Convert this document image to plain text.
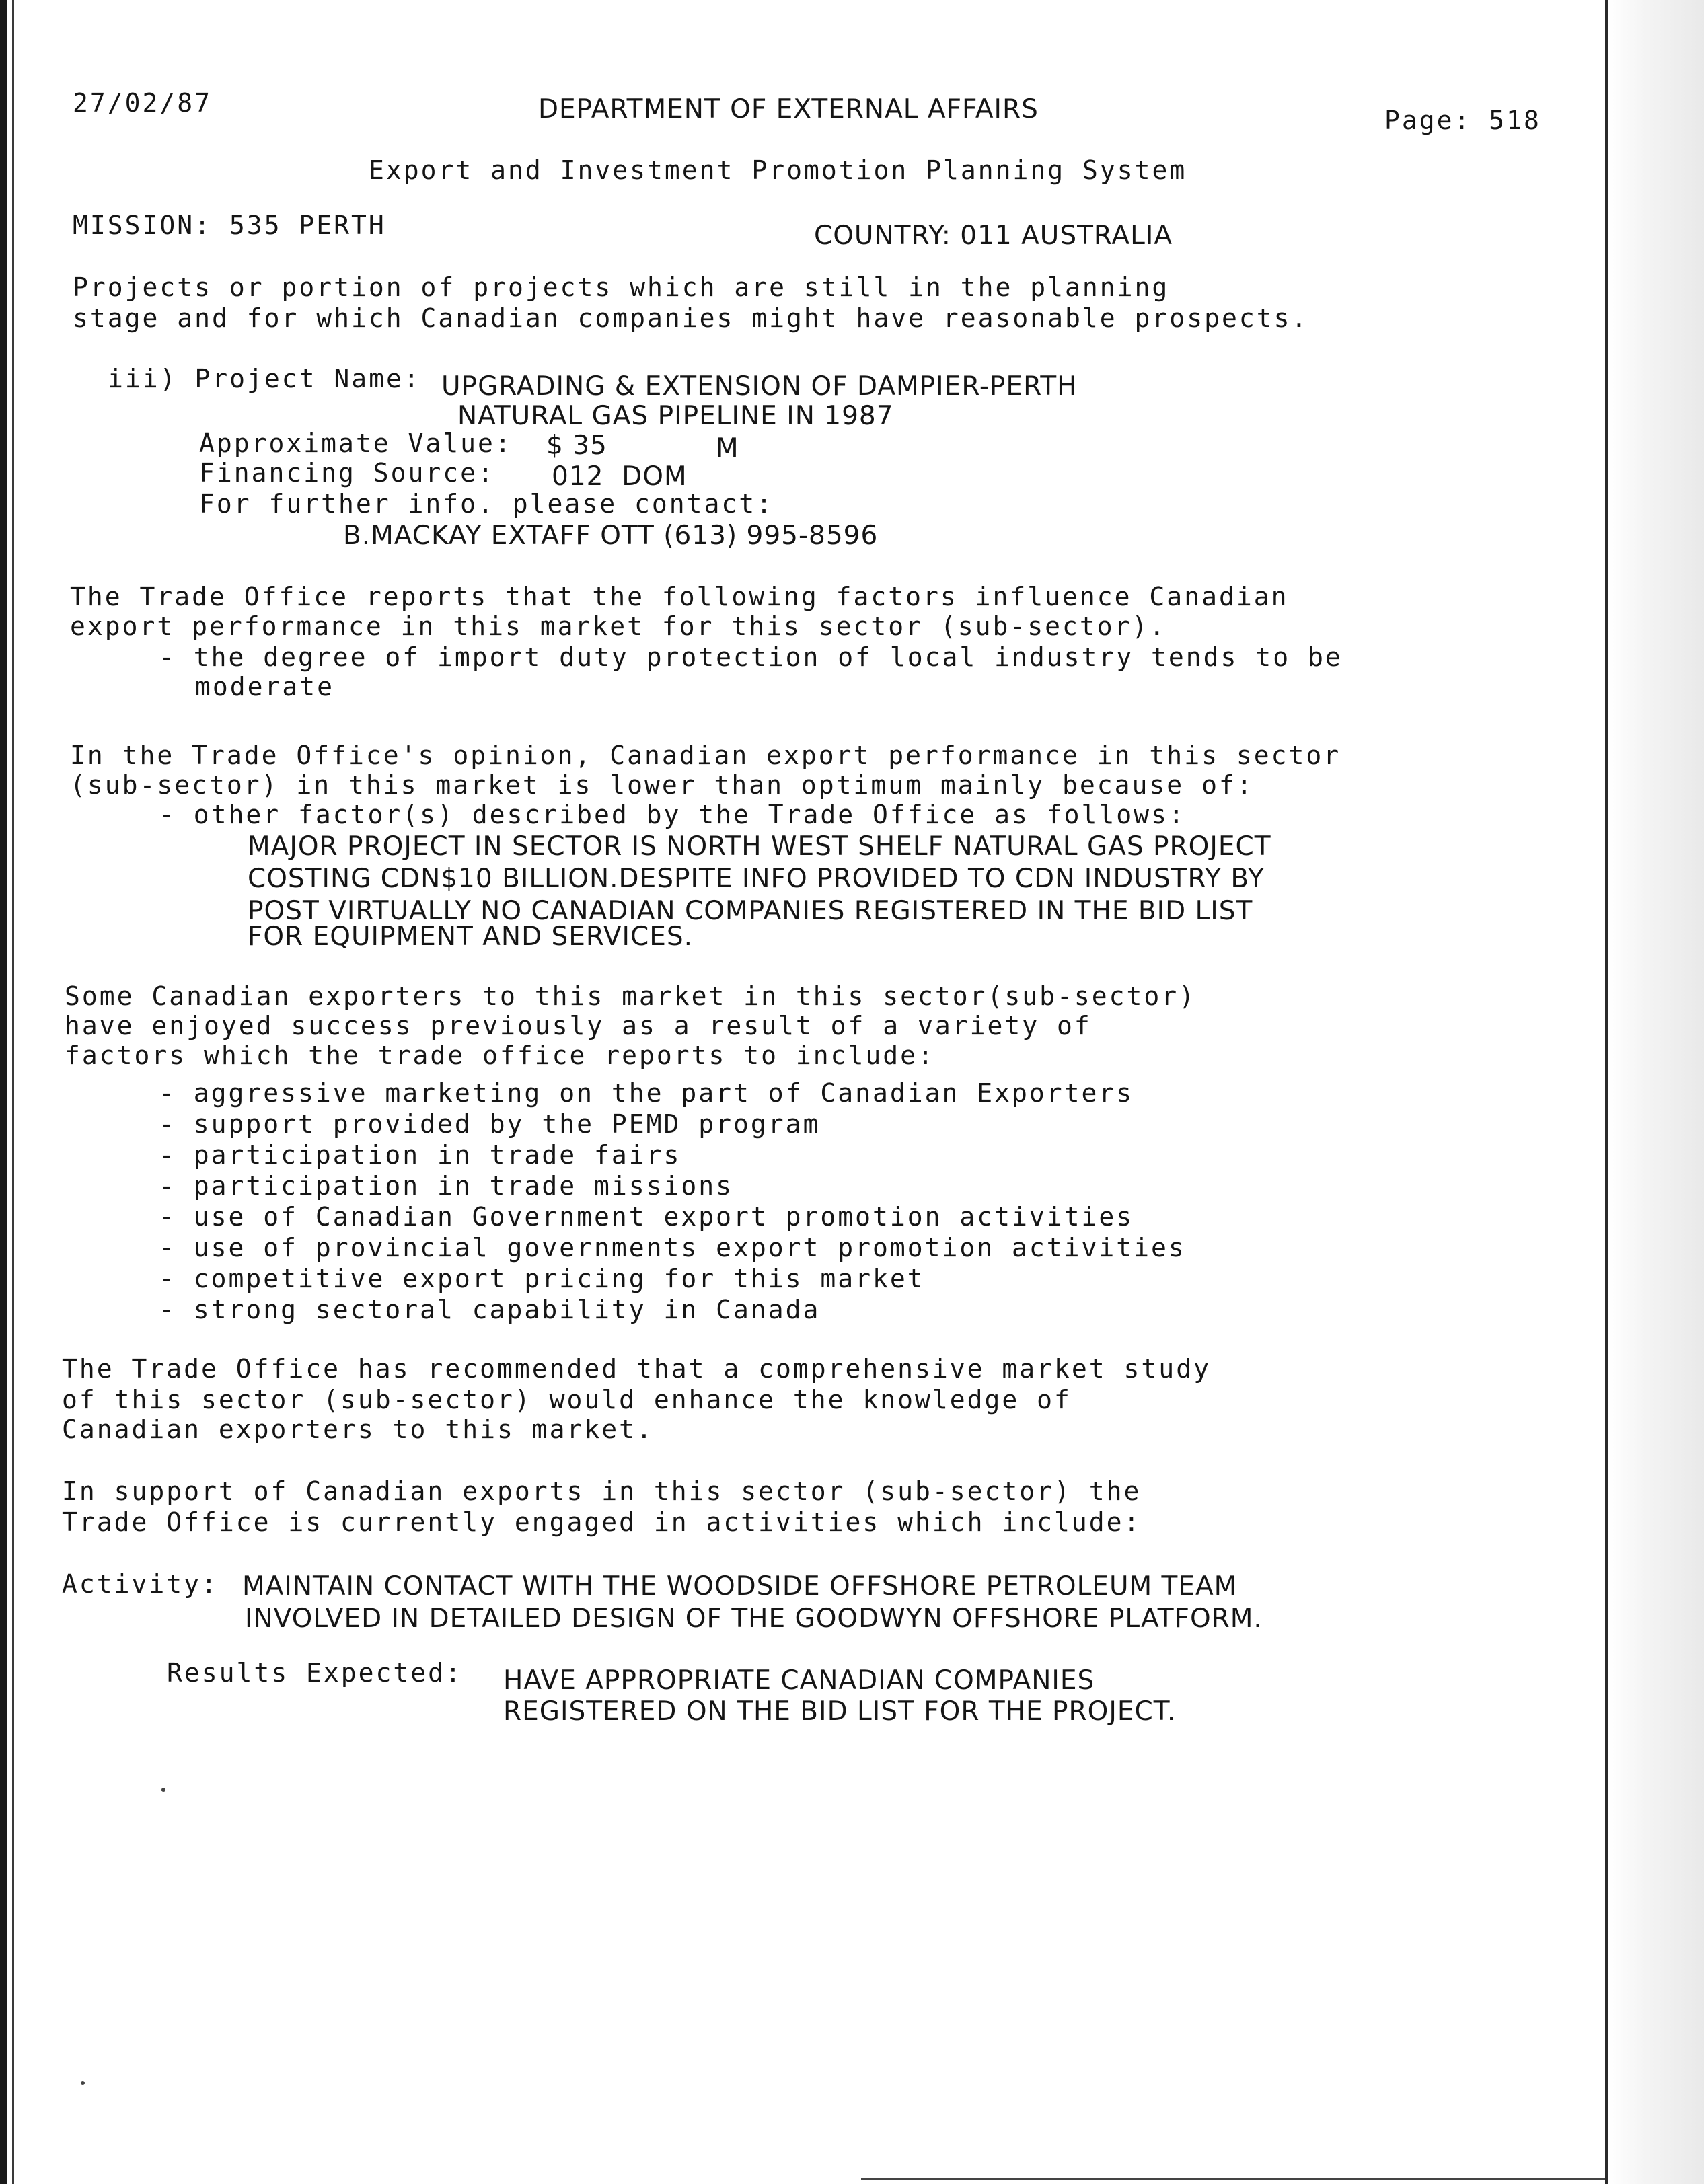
27/02/87	DEPARTMENT OF EXTERNAL AFFAIRS	Page: 518
Export and Investment Promotion Planning System
MISSION: 535 PERTH	COUNTRY: 011 AUSTRALIA
Projects or portion of projects which are still in the planning
stage and for which Canadian companies might have reasonable prospects.
iii) Project Name: UPGRADING & EXTENSION OF DAMPIER-PERTH
NATURAL GAS PIPELINE IN 1987
Approximate Value: $ 35	M
Financing Source: 012  DOM
For further info. please contact:
B.MACKAY EXTAFF OTT (613) 995-8596
The Trade Office reports that the following factors influence Canadian
export performance in this market for this sector (sub-sector).
- the degree of import duty protection of local industry tends to be
moderate
In the Trade Office's opinion, Canadian export performance in this sector
(sub-sector) in this market is lower than optimum mainly because of:
- other factor(s) described by the Trade Office as follows:
MAJOR PROJECT IN SECTOR IS NORTH WEST SHELF NATURAL GAS PROJECT
COSTING CDN$10 BILLION.DESPITE INFO PROVIDED TO CDN INDUSTRY BY
POST VIRTUALLY NO CANADIAN COMPANIES REGISTERED IN THE BID LIST
FOR EQUIPMENT AND SERVICES.
Some Canadian exporters to this market in this sector(sub-sector)
have enjoyed success previously as a result of a variety of
factors which the trade office reports to include:
- aggressive marketing on the part of Canadian Exporters
- support provided by the PEMD program
- participation in trade fairs
- participation in trade missions
- use of Canadian Government export promotion activities
- use of provincial governments export promotion activities
- competitive export pricing for this market
- strong sectoral capability in Canada
The Trade Office has recommended that a comprehensive market study
of this sector (sub-sector) would enhance the knowledge of
Canadian exporters to this market.
In support of Canadian exports in this sector (sub-sector) the
Trade Office is currently engaged in activities which include:
Activity: MAINTAIN CONTACT WITH THE WOODSIDE OFFSHORE PETROLEUM TEAM
INVOLVED IN DETAILED DESIGN OF THE GOODWYN OFFSHORE PLATFORM.
Results Expected: HAVE APPROPRIATE CANADIAN COMPANIES
REGISTERED ON THE BID LIST FOR THE PROJECT.
